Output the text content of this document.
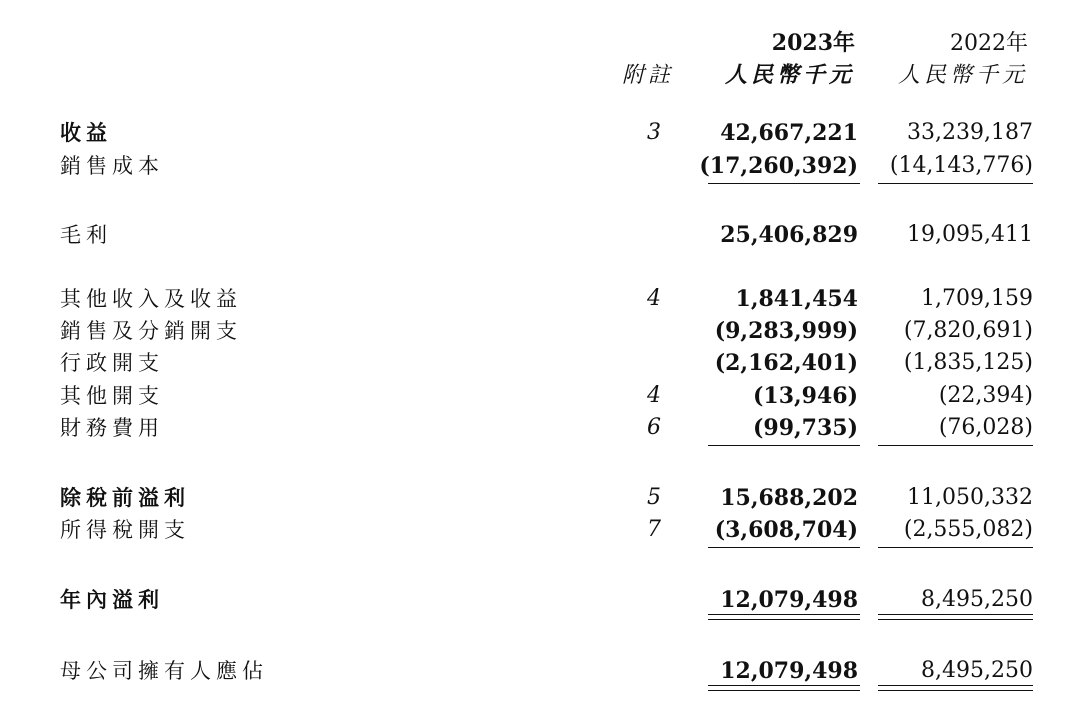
2023年	2022年
附註 人民幣千元 人民幣千元
收益	3	42,667,221 33,239,187
銷售成本	(17,260,392) (14,143,776)
毛利	25,406,829 19,095,411
其他收入及收益	4	1,841,454	1,709,159
銷售及分銷開支	(9,283,999) (7,820,691)
行政開支	(2,162,401) (1,835,125)
其他開支	4	(13,946)	(22,394)
財務費用	6	(99,735)	(76,028)
除稅前溢利	5	15,688,202 11,050,332
所得稅開支	7	(3,608,704) (2,555,082)
年內溢利	12,079,498	8,495,250
母公司擁有人應佔	12,079,498	8,495,250
